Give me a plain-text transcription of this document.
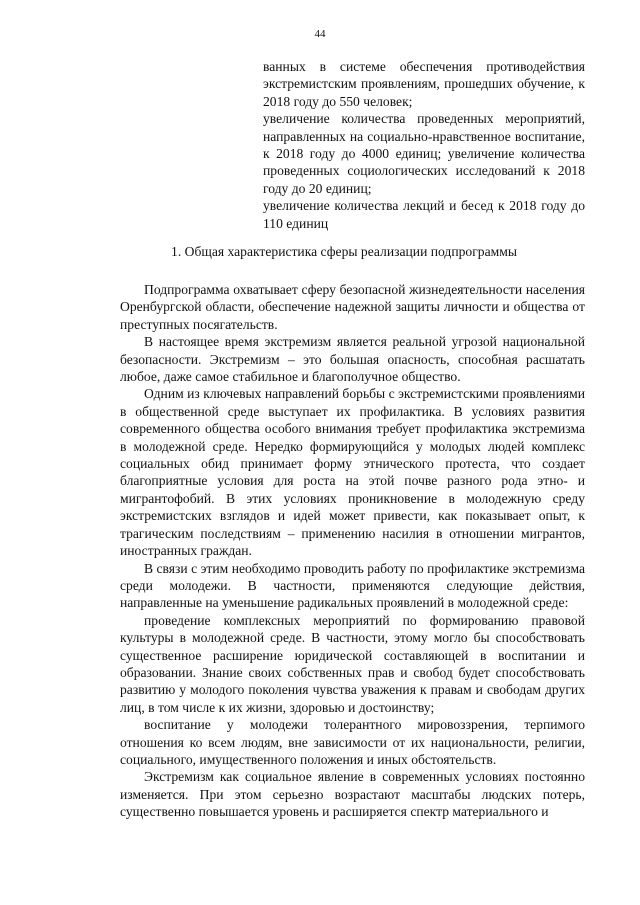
44

ванных в системе обеспечения противодействия экстремистским проявлениям, прошедших обучение, к 2018 году до 550 человек;

увеличение количества проведенных мероприятий, направленных на социально-нравственное воспитание, к 2018 году до 4000 единиц; увеличение количества проведенных социологических исследований к 2018 году до 20 единиц;

увеличение количества лекций и бесед к 2018 году до 110 единиц

1. Общая характеристика сферы реализации подпрограммы

Подпрограмма охватывает сферу безопасной жизнедеятельности населения Оренбургской области, обеспечение надежной защиты личности и общества от преступных посягательств.

В настоящее время экстремизм является реальной угрозой национальной безопасности. Экстремизм – это большая опасность, способная расшатать любое, даже самое стабильное и благополучное общество.

Одним из ключевых направлений борьбы с экстремистскими проявлениями в общественной среде выступает их профилактика. В условиях развития современного общества особого внимания требует профилактика экстремизма в молодежной среде. Нередко формирующийся у молодых людей комплекс социальных обид принимает форму этнического протеста, что создает благоприятные условия для роста на этой почве разного рода этно- и мигрантофобий. В этих условиях проникновение в молодежную среду экстремистских взглядов и идей может привести, как показывает опыт, к трагическим последствиям – применению насилия в отношении мигрантов, иностранных граждан.

В связи с этим необходимо проводить работу по профилактике экстремизма среди молодежи. В частности, применяются следующие действия, направленные на уменьшение радикальных проявлений в молодежной среде:

проведение комплексных мероприятий по формированию правовой культуры в молодежной среде. В частности, этому могло бы способствовать существенное расширение юридической составляющей в воспитании и образовании. Знание своих собственных прав и свобод будет способствовать развитию у молодого поколения чувства уважения к правам и свободам других лиц, в том числе к их жизни, здоровью и достоинству;

воспитание у молодежи толерантного мировоззрения, терпимого отношения ко всем людям, вне зависимости от их национальности, религии, социального, имущественного положения и иных обстоятельств.

Экстремизм как социальное явление в современных условиях постоянно изменяется. При этом серьезно возрастают масштабы людских потерь, существенно повышается уровень и расширяется спектр материального и
